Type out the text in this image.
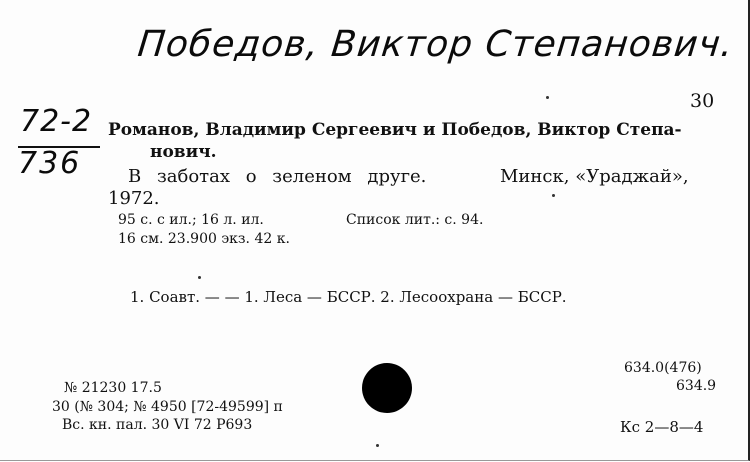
Победов, Виктор Степанович.
72-2
736
30
Романов, Владимир Сергеевич и Победов, Виктор Степа-
нович.
В заботах о зеленом друге.	Минск, «Ураджай»,
1972.
95 с. с ил.; 16 л. ил.	Список лит.: с. 94.
16 см. 23.900 экз. 42 к.
1. Соавт. — — 1. Леса — БССР. 2. Лесоохрана — БССР.
634.0(476)
634.9
№ 21230 17.5
30 (№ 304; № 4950 [72-49599] п
Вс. кн. пал. 30 VI 72 Р693	Кс 2—8—4
